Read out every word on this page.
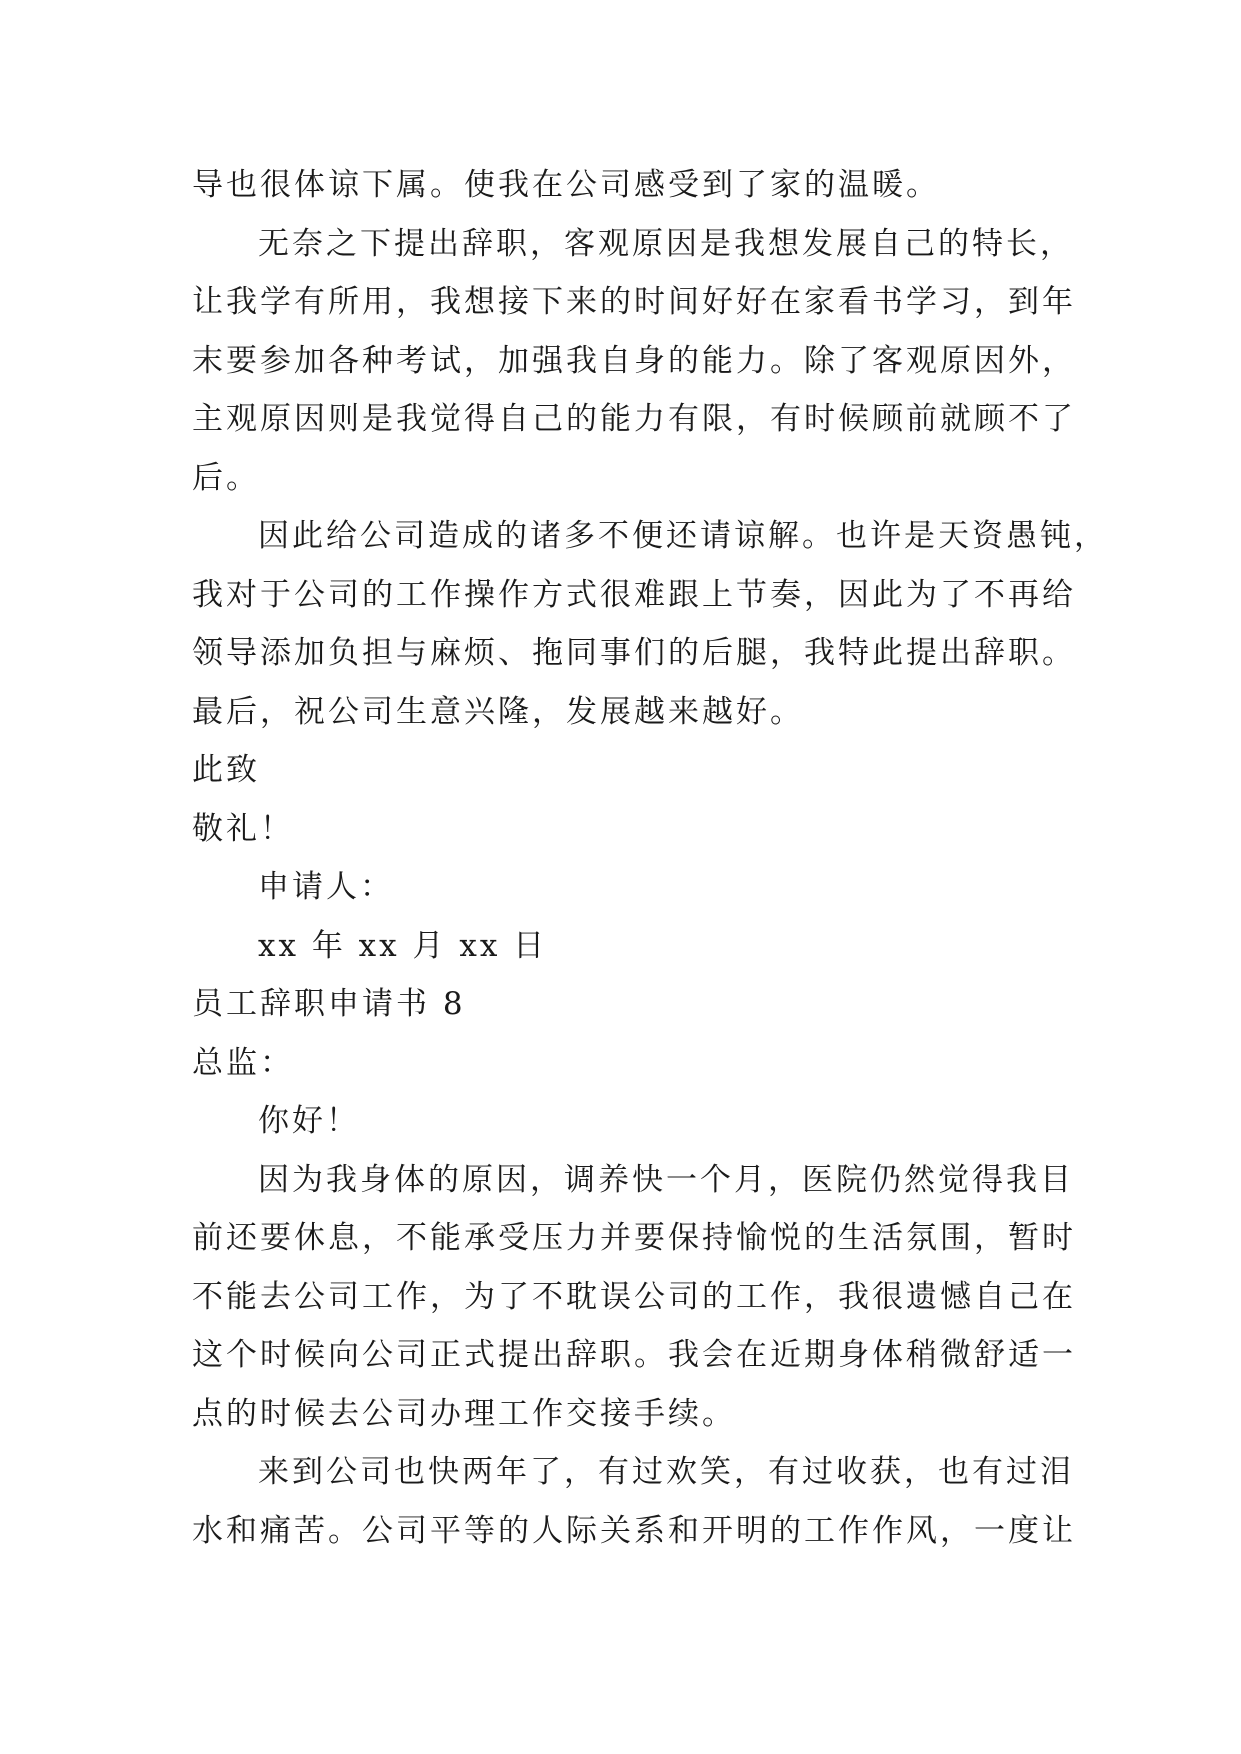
导也很体谅下属。使我在公司感受到了家的温暖。
无奈之下提出辞职，客观原因是我想发展自己的特长，
让我学有所用，我想接下来的时间好好在家看书学习，到年
末要参加各种考试，加强我自身的能力。除了客观原因外，
主观原因则是我觉得自己的能力有限，有时候顾前就顾不了
后。
因此给公司造成的诸多不便还请谅解。也许是天资愚钝，
我对于公司的工作操作方式很难跟上节奏，因此为了不再给
领导添加负担与麻烦、拖同事们的后腿，我特此提出辞职。
最后，祝公司生意兴隆，发展越来越好。
此致
敬礼！
申请人：
xx 年 xx 月 xx 日
员工辞职申请书 8
总监：
你好！
因为我身体的原因，调养快一个月，医院仍然觉得我目
前还要休息，不能承受压力并要保持愉悦的生活氛围，暂时
不能去公司工作，为了不耽误公司的工作，我很遗憾自己在
这个时候向公司正式提出辞职。我会在近期身体稍微舒适一
点的时候去公司办理工作交接手续。
来到公司也快两年了，有过欢笑，有过收获，也有过泪
水和痛苦。公司平等的人际关系和开明的工作作风，一度让
